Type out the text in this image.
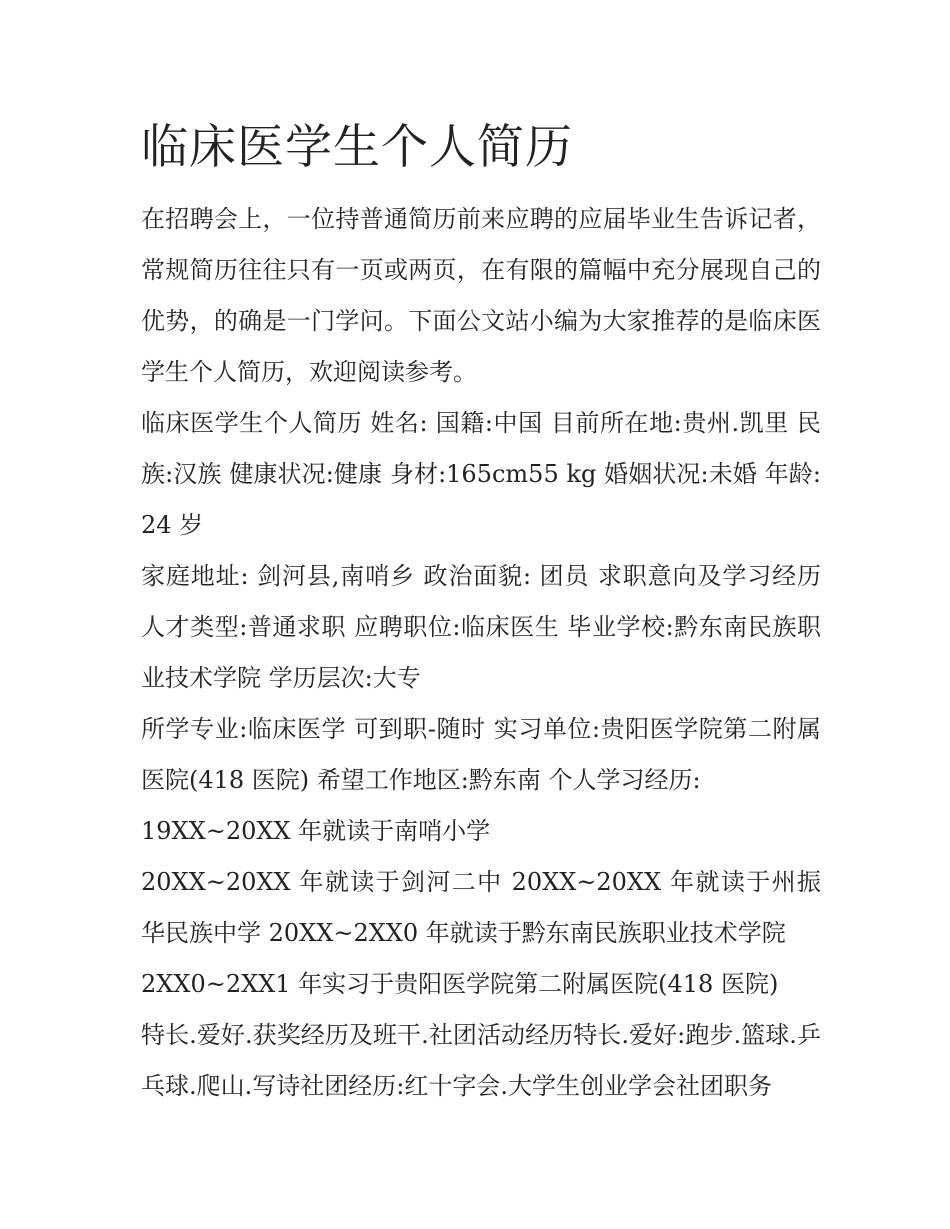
临床医学生个人简历

在招聘会上，一位持普通简历前来应聘的应届毕业生告诉记者，常规简历往往只有一页或两页，在有限的篇幅中充分展现自己的优势，的确是一门学问。下面公文站小编为大家推荐的是临床医学生个人简历，欢迎阅读参考。

临床医学生个人简历 姓名: 国籍:中国 目前所在地:贵州.凯里 民族:汉族 健康状况:健康 身材:165cm55 kg 婚姻状况:未婚 年龄:24 岁

家庭地址: 剑河县,南哨乡 政治面貌: 团员 求职意向及学习经历 人才类型:普通求职 应聘职位:临床医生 毕业学校:黔东南民族职业技术学院 学历层次:大专

所学专业:临床医学 可到职-随时 实习单位:贵阳医学院第二附属医院(418 医院) 希望工作地区:黔东南 个人学习经历:

19XX~20XX 年就读于南哨小学

20XX~20XX 年就读于剑河二中 20XX~20XX 年就读于州振华民族中学 20XX~2XX0 年就读于黔东南民族职业技术学院

2XX0~2XX1 年实习于贵阳医学院第二附属医院(418 医院)

特长.爱好.获奖经历及班干.社团活动经历特长.爱好:跑步.篮球.乒乓球.爬山.写诗社团经历:红十字会.大学生创业学会社团职务
